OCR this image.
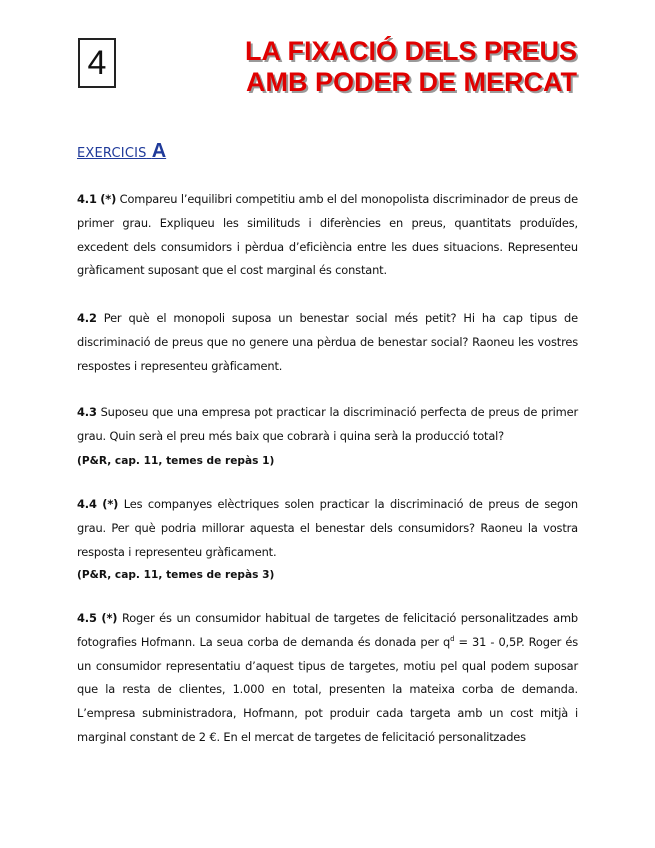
4	LA FIXACIÓ DELS PREUS
AMB PODER DE MERCAT
EXERCICIS A
4.1 (*) Compareu l’equilibri competitiu amb el del monopolista discriminador de preus de primer grau. Expliqueu les similituds i diferències en preus, quantitats produïdes, excedent dels consumidors i pèrdua d’eficiència entre les dues situacions. Representeu gràficament suposant que el cost marginal és constant.
4.2 Per què el monopoli suposa un benestar social més petit? Hi ha cap tipus de discriminació de preus que no genere una pèrdua de benestar social? Raoneu les vostres respostes i representeu gràficament.
4.3 Suposeu que una empresa pot practicar la discriminació perfecta de preus de primer grau. Quin serà el preu més baix que cobrarà i quina serà la producció total?
(P&R, cap. 11, temes de repàs 1)
4.4 (*) Les companyes elèctriques solen practicar la discriminació de preus de segon grau. Per què podria millorar aquesta el benestar dels consumidors? Raoneu la vostra resposta i representeu gràficament.
(P&R, cap. 11, temes de repàs 3)
4.5 (*) Roger és un consumidor habitual de targetes de felicitació personalitzades amb fotografies Hofmann. La seua corba de demanda és donada per $q^d = 31 - 0,5P$. Roger és un consumidor representatiu d’aquest tipus de targetes, motiu pel qual podem suposar que la resta de clientes, 1.000 en total, presenten la mateixa corba de demanda. L’empresa subministradora, Hofmann, pot produir cada targeta amb un cost mitjà i marginal constant de 2 €. En el mercat de targetes de felicitació personalitzades
